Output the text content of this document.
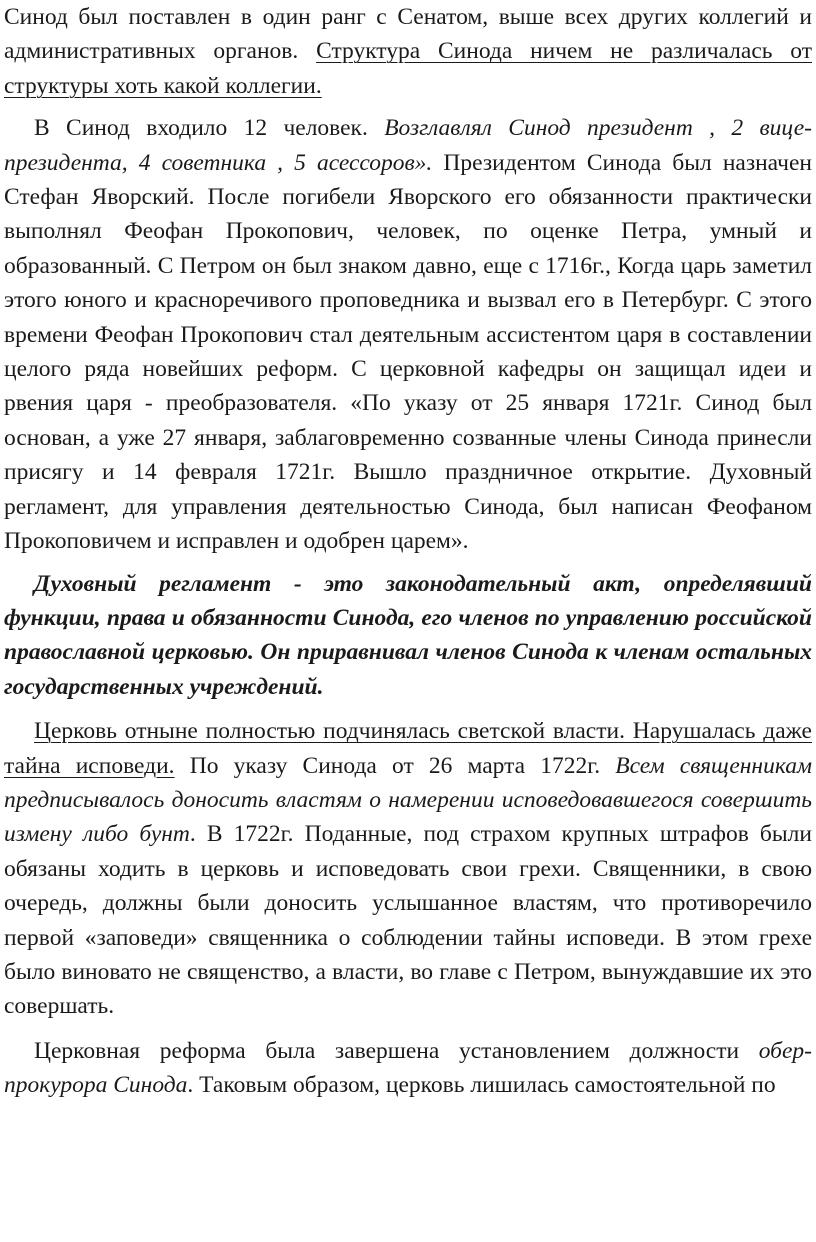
Синод был поставлен в один ранг с Сенатом, выше всех других коллегий и административных органов. Структура Синода ничем не различалась от структуры хоть какой коллегии.

В Синод входило 12 человек. Возглавлял Синод президент , 2 вице-президента, 4 советника , 5 асессоров». Президентом Синода был назначен Стефан Яворский. После погибели Яворского его обязанности практически выполнял Феофан Прокопович, человек, по оценке Петра, умный и образованный. С Петром он был знаком давно, еще с 1716г., Когда царь заметил этого юного и красноречивого проповедника и вызвал его в Петербург. С этого времени Феофан Прокопович стал деятельным ассистентом царя в составлении целого ряда новейших реформ. С церковной кафедры он защищал идеи и рвения царя - преобразователя. «По указу от 25 января 1721г. Синод был основан, а уже 27 января, заблаговременно созванные члены Синода принесли присягу и 14 февраля 1721г. Вышло праздничное открытие. Духовный регламент, для управления деятельностью Синода, был написан Феофаном Прокоповичем и исправлен и одобрен царем».

Духовный регламент - это законодательный акт, определявший функции, права и обязанности Синода, его членов по управлению российской православной церковью. Он приравнивал членов Синода к членам остальных государственных учреждений.

Церковь отныне полностью подчинялась светской власти. Нарушалась даже тайна исповеди. По указу Синода от 26 марта 1722г. Всем священникам предписывалось доносить властям о намерении исповедовавшегося совершить измену либо бунт. В 1722г. Поданные, под страхом крупных штрафов были обязаны ходить в церковь и исповедовать свои грехи. Священники, в свою очередь, должны были доносить услышанное властям, что противоречило первой «заповеди» священника о соблюдении тайны исповеди. В этом грехе было виновато не священство, а власти, во главе с Петром, вынуждавшие их это совершать.

Церковная реформа была завершена установлением должности обер-прокурора Синода. Таковым образом, церковь лишилась самостоятельной по
